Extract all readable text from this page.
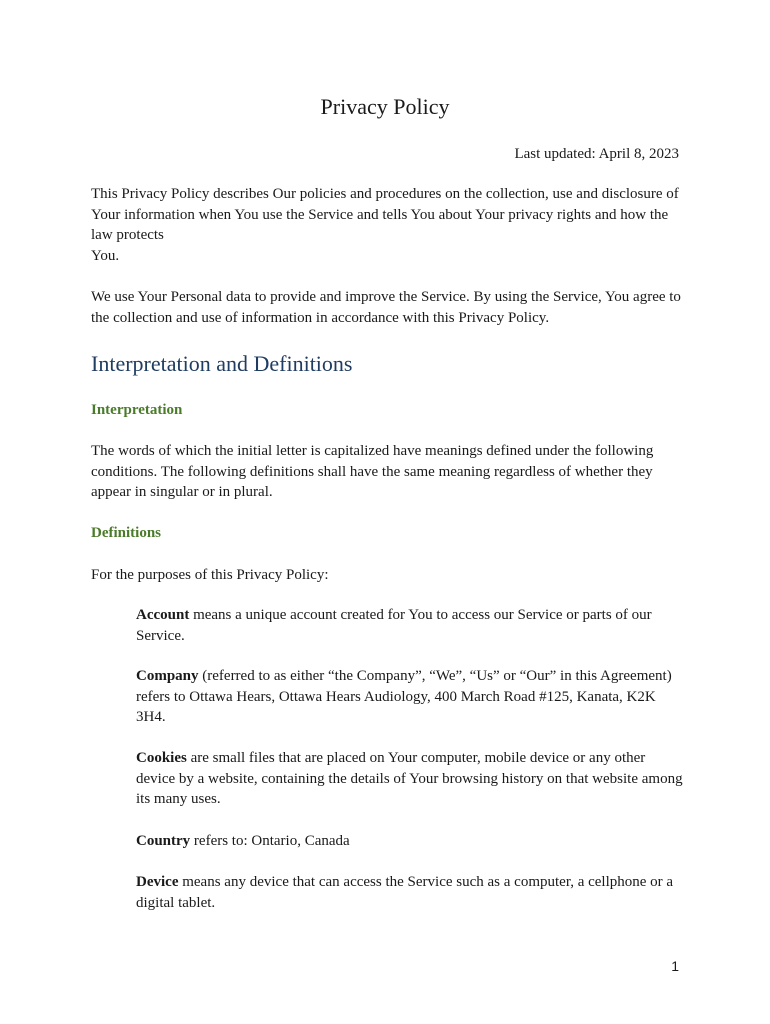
Privacy Policy

Last updated: April 8, 2023

This Privacy Policy describes Our policies and procedures on the collection, use and disclosure of Your information when You use the Service and tells You about Your privacy rights and how the law protects
You.

We use Your Personal data to provide and improve the Service. By using the Service, You agree to the collection and use of information in accordance with this Privacy Policy.

Interpretation and Definitions
Interpretation

The words of which the initial letter is capitalized have meanings defined under the following conditions. The following definitions shall have the same meaning regardless of whether they appear in singular or in plural.

Definitions

For the purposes of this Privacy Policy:

Account means a unique account created for You to access our Service or parts of our Service.

Company (referred to as either “the Company”, “We”, “Us” or “Our” in this Agreement) refers to Ottawa Hears, Ottawa Hears Audiology, 400 March Road #125, Kanata, K2K 3H4.

Cookies are small files that are placed on Your computer, mobile device or any other device by a website, containing the details of Your browsing history on that website among its many uses.

Country refers to: Ontario, Canada

Device means any device that can access the Service such as a computer, a cellphone or a digital tablet.

1
